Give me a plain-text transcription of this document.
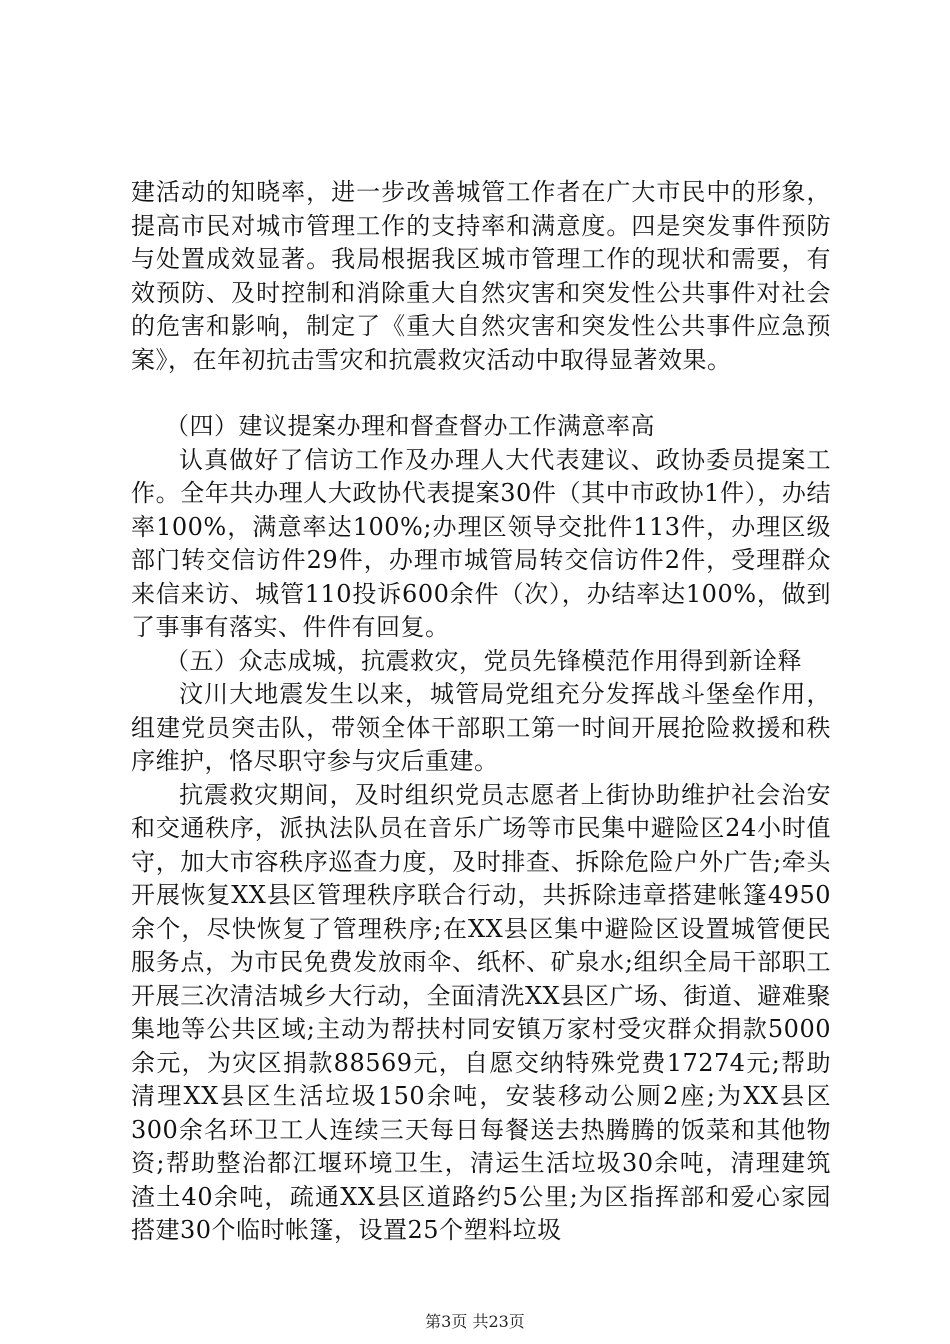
建活动的知晓率，进一步改善城管工作者在广大市民中的形象，提高市民对城市管理工作的支持率和满意度。四是突发事件预防与处置成效显著。我局根据我区城市管理工作的现状和需要，有效预防、及时控制和消除重大自然灾害和突发性公共事件对社会的危害和影响，制定了《重大自然灾害和突发性公共事件应急预案》，在年初抗击雪灾和抗震救灾活动中取得显著效果。

（四）建议提案办理和督查督办工作满意率高

认真做好了信访工作及办理人大代表建议、政协委员提案工作。全年共办理人大政协代表提案30件（其中市政协1件），办结率100%，满意率达100%;办理区领导交批件113件，办理区级部门转交信访件29件，办理市城管局转交信访件2件，受理群众来信来访、城管110投诉600余件（次），办结率达100%，做到了事事有落实、件件有回复。

（五）众志成城，抗震救灾，党员先锋模范作用得到新诠释

汶川大地震发生以来，城管局党组充分发挥战斗堡垒作用，组建党员突击队，带领全体干部职工第一时间开展抢险救援和秩序维护，恪尽职守参与灾后重建。

抗震救灾期间，及时组织党员志愿者上街协助维护社会治安和交通秩序，派执法队员在音乐广场等市民集中避险区24小时值守，加大市容秩序巡查力度，及时排查、拆除危险户外广告;牵头开展恢复XX县区管理秩序联合行动，共拆除违章搭建帐篷4950余个，尽快恢复了管理秩序;在XX县区集中避险区设置城管便民服务点，为市民免费发放雨伞、纸杯、矿泉水;组织全局干部职工开展三次清洁城乡大行动，全面清洗XX县区广场、街道、避难聚集地等公共区域;主动为帮扶村同安镇万家村受灾群众捐款5000余元，为灾区捐款88569元，自愿交纳特殊党费17274元;帮助清理XX县区生活垃圾150余吨，安装移动公厕2座;为XX县区300余名环卫工人连续三天每日每餐送去热腾腾的饭菜和其他物资;帮助整治都江堰环境卫生，清运生活垃圾30余吨，清理建筑渣土40余吨，疏通XX县区道路约5公里;为区指挥部和爱心家园搭建30个临时帐篷，设置25个塑料垃圾

第3页 共23页
